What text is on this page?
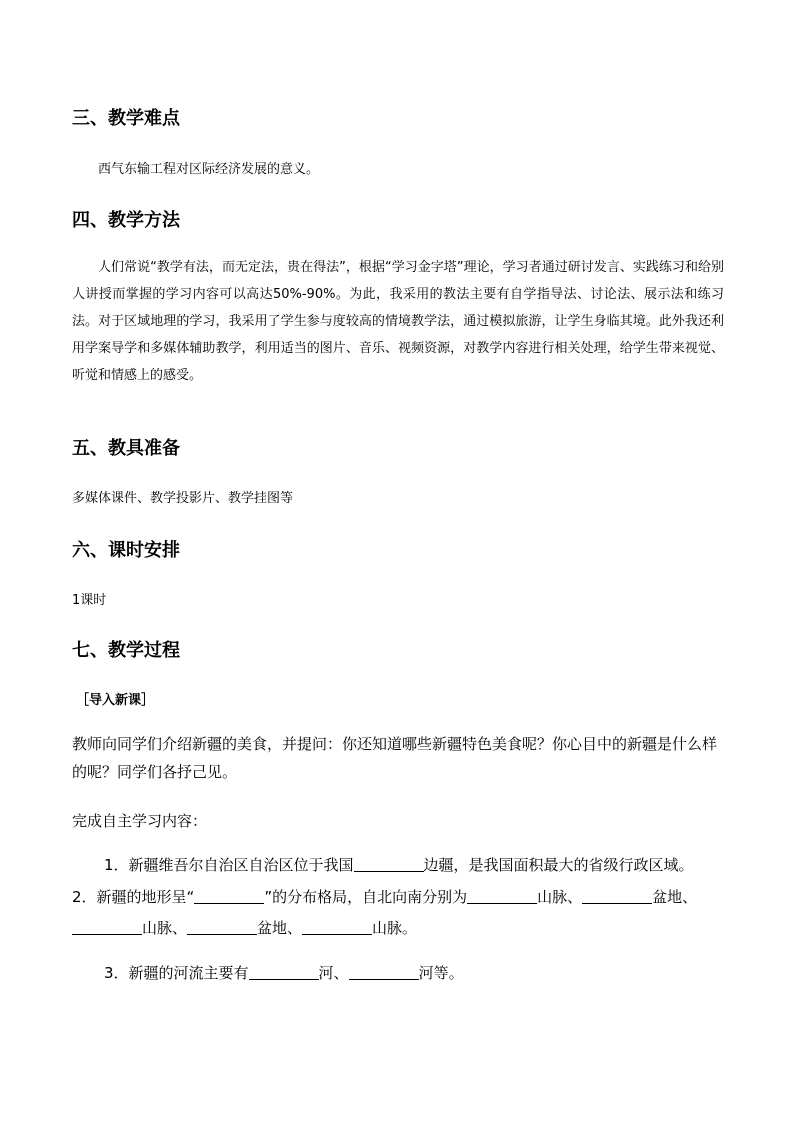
三、教学难点
西气东输工程对区际经济发展的意义。
四、教学方法
人们常说“教学有法，而无定法，贵在得法”，根据“学习金字塔”理论，学习者通过研讨发言、实践练习和给别人讲授而掌握的学习内容可以高达50%-90%。为此，我采用的教法主要有自学指导法、讨论法、展示法和练习法。对于区域地理的学习，我采用了学生参与度较高的情境教学法，通过模拟旅游，让学生身临其境。此外我还利用学案导学和多媒体辅助教学，利用适当的图片、音乐、视频资源，对教学内容进行相关处理，给学生带来视觉、听觉和情感上的感受。
五、教具准备
多媒体课件、教学投影片、教学挂图等
六、课时安排
1课时
七、教学过程
［导入新课］
教师向同学们介绍新疆的美食，并提问：你还知道哪些新疆特色美食呢？你心目中的新疆是什么样的呢？同学们各抒己见。
完成自主学习内容：
1．新疆维吾尔自治区自治区位于我国	边疆，是我国面积最大的省级行政区域。
2．新疆的地形呈“	”的分布格局，自北向南分别为	山脉、	盆地、
山脉、	盆地、	山脉。
3．新疆的河流主要有	河、	河等。
